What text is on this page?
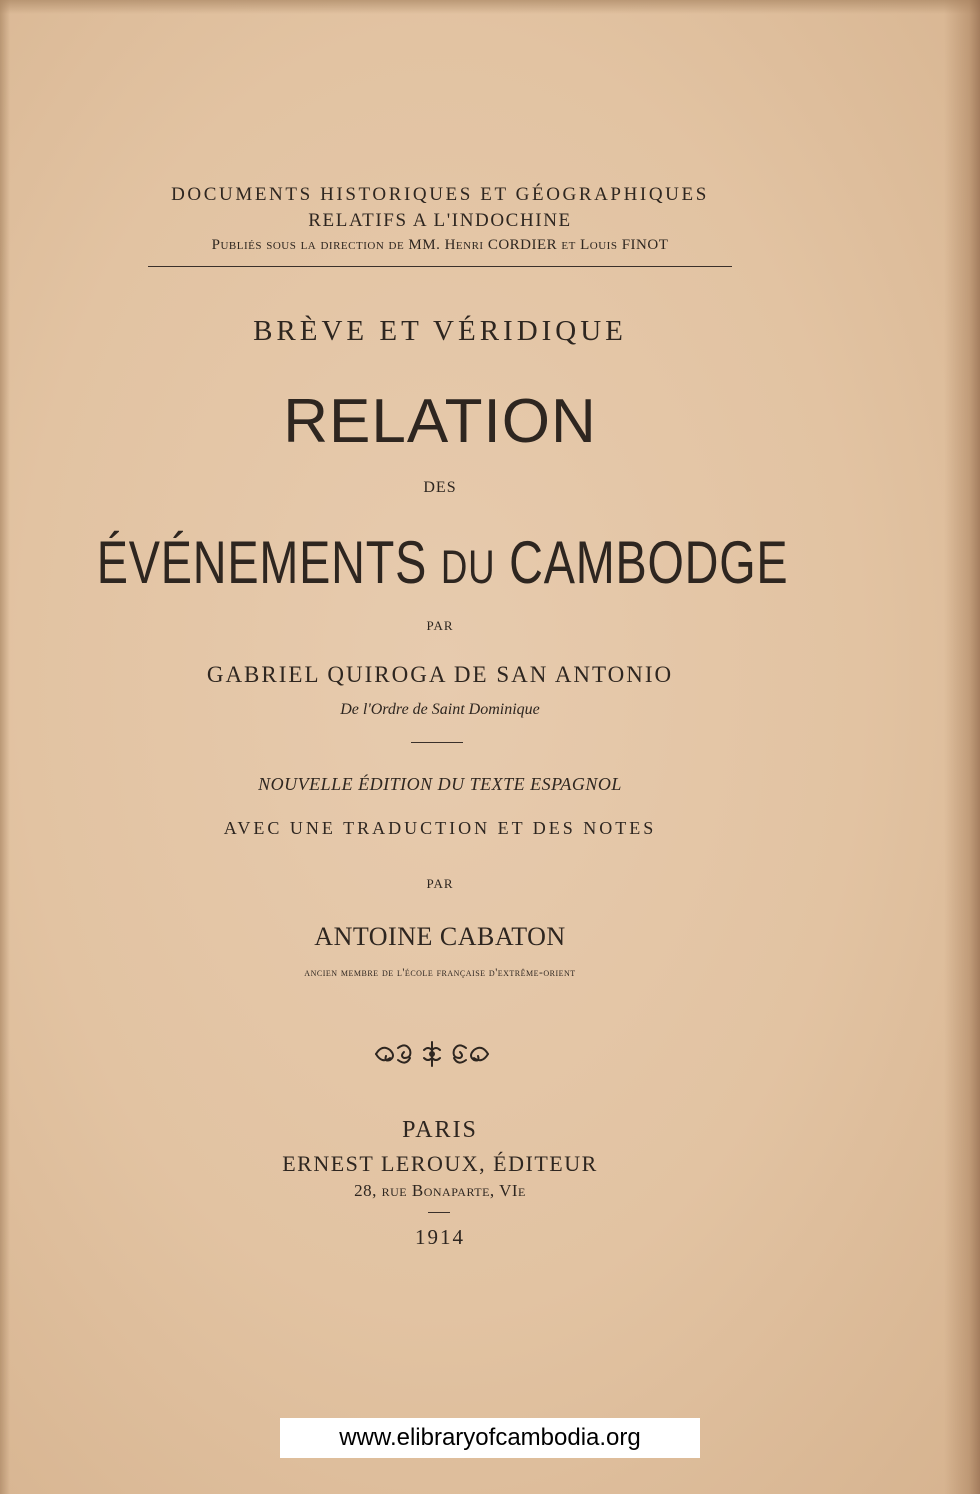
DOCUMENTS HISTORIQUES ET GÉOGRAPHIQUES
RELATIFS A L'INDOCHINE
Publiés sous la direction de MM. Henri CORDIER et Louis FINOT
BRÈVE ET VÉRIDIQUE
RELATION
DES
ÉVÉNEMENTS DU CAMBODGE
PAR
GABRIEL QUIROGA DE SAN ANTONIO
De l'Ordre de Saint Dominique
NOUVELLE ÉDITION DU TEXTE ESPAGNOL
AVEC UNE TRADUCTION ET DES NOTES
PAR
ANTOINE CABATON
ancien membre de l'école française d'extrême-orient
PARIS
ERNEST LEROUX, ÉDITEUR
28, rue Bonaparte, VIe
1914
www.elibraryofcambodia.org
